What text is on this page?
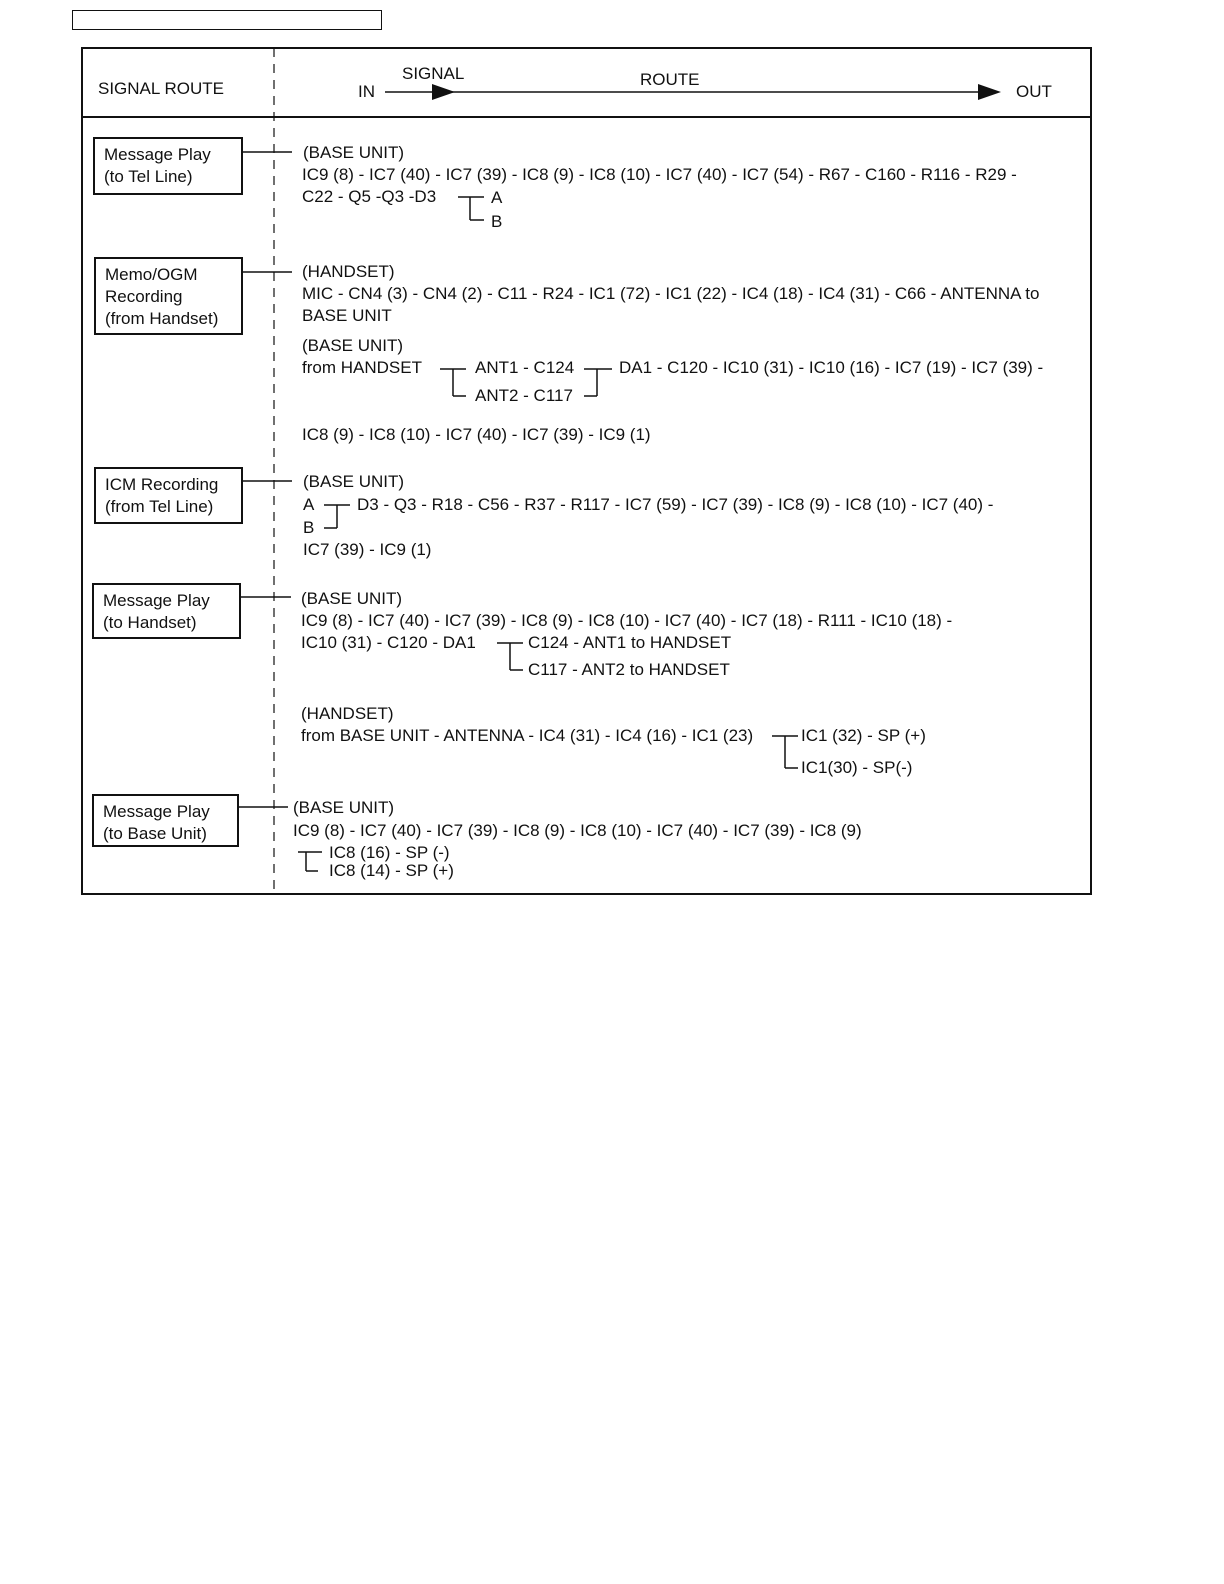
SIGNAL ROUTE	IN
SIGNAL	ROUTE
OUT
Message Play
(to Tel Line)
(BASE UNIT)
IC9 (8) - IC7 (40) - IC7 (39) - IC8 (9) - IC8 (10) - IC7 (40) - IC7 (54) - R67 - C160 - R116 - R29 -
C22 - Q5 -Q3 -D3	A
B
Memo/OGM
Recording
(from Handset)
(HANDSET)
MIC - CN4 (3) - CN4 (2) - C11 - R24 - IC1 (72) - IC1 (22) - IC4 (18) - IC4 (31) - C66 - ANTENNA to
BASE UNIT
(BASE UNIT)
from HANDSET	ANT1 - C124
ANT2 - C117
DA1 - C120 - IC10 (31) - IC10 (16) - IC7 (19) - IC7 (39) -
IC8 (9) - IC8 (10) - IC7 (40) - IC7 (39) - IC9 (1)
ICM Recording
(from Tel Line)
(BASE UNIT)
A
B
D3 - Q3 - R18 - C56 - R37 - R117 - IC7 (59) - IC7 (39) - IC8 (9) - IC8 (10) - IC7 (40) -
IC7 (39) - IC9 (1)
Message Play
(to Handset)
(BASE UNIT)
IC9 (8) - IC7 (40) - IC7 (39) - IC8 (9) - IC8 (10) - IC7 (40) - IC7 (18) - R111 - IC10 (18) -
IC10 (31) - C120 - DA1	C124 - ANT1 to HANDSET
C117 - ANT2 to HANDSET
(HANDSET)
from BASE UNIT - ANTENNA - IC4 (31) - IC4 (16) - IC1 (23)	IC1 (32) - SP (+)
IC1(30) - SP(-)
Message Play
(to Base Unit)
(BASE UNIT)
IC9 (8) - IC7 (40) - IC7 (39) - IC8 (9) - IC8 (10) - IC7 (40) - IC7 (39) - IC8 (9)
IC8 (16) - SP (-)
IC8 (14) - SP (+)
